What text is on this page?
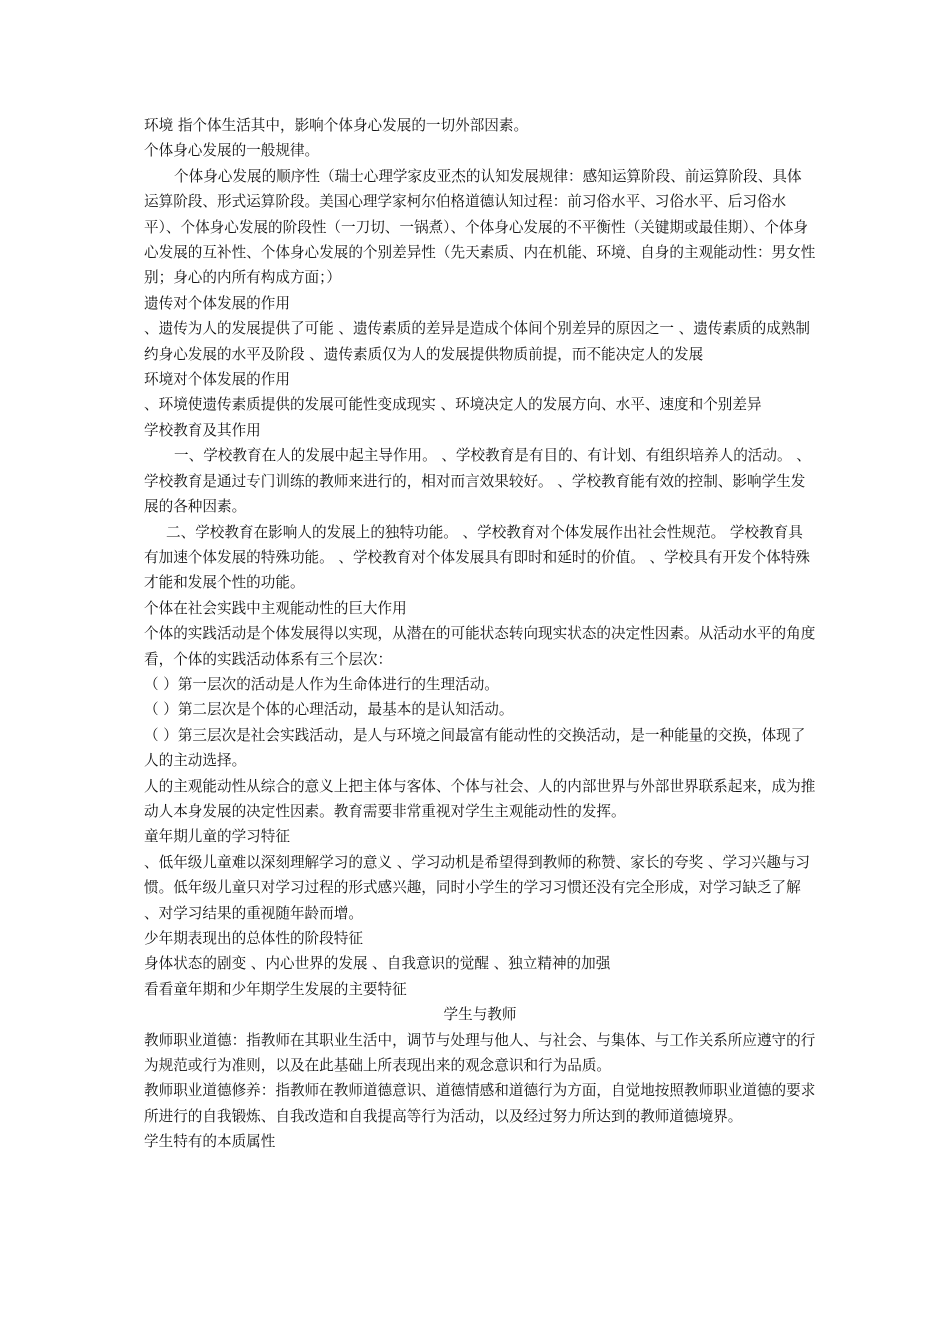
环境 指个体生活其中，影响个体身心发展的一切外部因素。

个体身心发展的一般规律。

个体身心发展的顺序性（瑞士心理学家皮亚杰的认知发展规律：感知运算阶段、前运算阶段、具体运算阶段、形式运算阶段。美国心理学家柯尔伯格道德认知过程：前习俗水平、习俗水平、后习俗水平）、个体身心发展的阶段性（一刀切、一锅煮）、个体身心发展的不平衡性（关键期或最佳期）、个体身心发展的互补性、个体身心发展的个别差异性（先天素质、内在机能、环境、自身的主观能动性：男女性别；身心的内所有构成方面；）

遗传对个体发展的作用

、遗传为人的发展提供了可能 、遗传素质的差异是造成个体间个别差异的原因之一 、遗传素质的成熟制约身心发展的水平及阶段 、遗传素质仅为人的发展提供物质前提，而不能决定人的发展

环境对个体发展的作用

、环境使遗传素质提供的发展可能性变成现实 、环境决定人的发展方向、水平、速度和个别差异

学校教育及其作用

一、学校教育在人的发展中起主导作用。 、学校教育是有目的、有计划、有组织培养人的活动。 、学校教育是通过专门训练的教师来进行的，相对而言效果较好。 、学校教育能有效的控制、影响学生发展的各种因素。

二、学校教育在影响人的发展上的独特功能。 、学校教育对个体发展作出社会性规范。 学校教育具有加速个体发展的特殊功能。 、学校教育对个体发展具有即时和延时的价值。 、学校具有开发个体特殊才能和发展个性的功能。

个体在社会实践中主观能动性的巨大作用

个体的实践活动是个体发展得以实现，从潜在的可能状态转向现实状态的决定性因素。从活动水平的角度看，个体的实践活动体系有三个层次：

（ ）第一层次的活动是人作为生命体进行的生理活动。

（ ）第二层次是个体的心理活动，最基本的是认知活动。

（ ）第三层次是社会实践活动，是人与环境之间最富有能动性的交换活动，是一种能量的交换，体现了人的主动选择。

人的主观能动性从综合的意义上把主体与客体、个体与社会、人的内部世界与外部世界联系起来，成为推动人本身发展的决定性因素。教育需要非常重视对学生主观能动性的发挥。

童年期儿童的学习特征

、低年级儿童难以深刻理解学习的意义 、学习动机是希望得到教师的称赞、家长的夸奖 、学习兴趣与习惯。低年级儿童只对学习过程的形式感兴趣，同时小学生的学习习惯还没有完全形成，对学习缺乏了解 、对学习结果的重视随年龄而增。

少年期表现出的总体性的阶段特征

身体状态的剧变 、内心世界的发展 、自我意识的觉醒 、独立精神的加强

看看童年期和少年期学生发展的主要特征

学生与教师

教师职业道德：指教师在其职业生活中，调节与处理与他人、与社会、与集体、与工作关系所应遵守的行为规范或行为准则，以及在此基础上所表现出来的观念意识和行为品质。

教师职业道德修养：指教师在教师道德意识、道德情感和道德行为方面，自觉地按照教师职业道德的要求所进行的自我锻炼、自我改造和自我提高等行为活动，以及经过努力所达到的教师道德境界。

学生特有的本质属性
